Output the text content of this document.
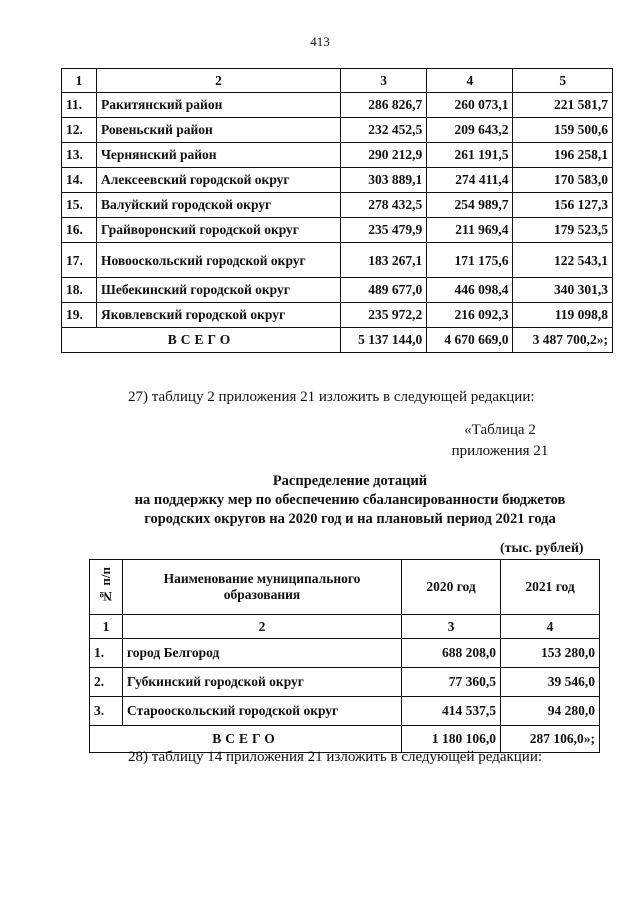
413
1	2	3	4	5
11.	Ракитянский район	286 826,7	260 073,1	221 581,7
12.	Ровеньский район	232 452,5	209 643,2	159 500,6
13.	Чернянский район	290 212,9	261 191,5	196 258,1
14.	Алексеевский городской округ	303 889,1	274 411,4	170 583,0
15.	Валуйский городской округ	278 432,5	254 989,7	156 127,3
16.	Грайворонский городской округ	235 479,9	211 969,4	179 523,5
17.	Новооскольский городской округ	183 267,1	171 175,6	122 543,1
18.	Шебекинский городской округ	489 677,0	446 098,4	340 301,3
19.	Яковлевский городской округ	235 972,2	216 092,3	119 098,8
ВСЕГО		5 137 144,0	4 670 669,0	3 487 700,2»;
27) таблицу 2 приложения 21 изложить в следующей редакции:
«Таблица 2
приложения 21
Распределение дотаций
на поддержку мер по обеспечению сбалансированности бюджетов
городских округов на 2020 год и на плановый период 2021 года
(тыс. рублей)
№ п/п	Наименование муниципального образования	2020 год	2021 год
1	2	3	4
1.	город Белгород	688 208,0	153 280,0
2.	Губкинский городской округ	77 360,5	39 546,0
3.	Старооскольский городской округ	414 537,5	94 280,0
ВСЕГО		1 180 106,0	287 106,0»;
28) таблицу 14 приложения 21 изложить в следующей редакции:
